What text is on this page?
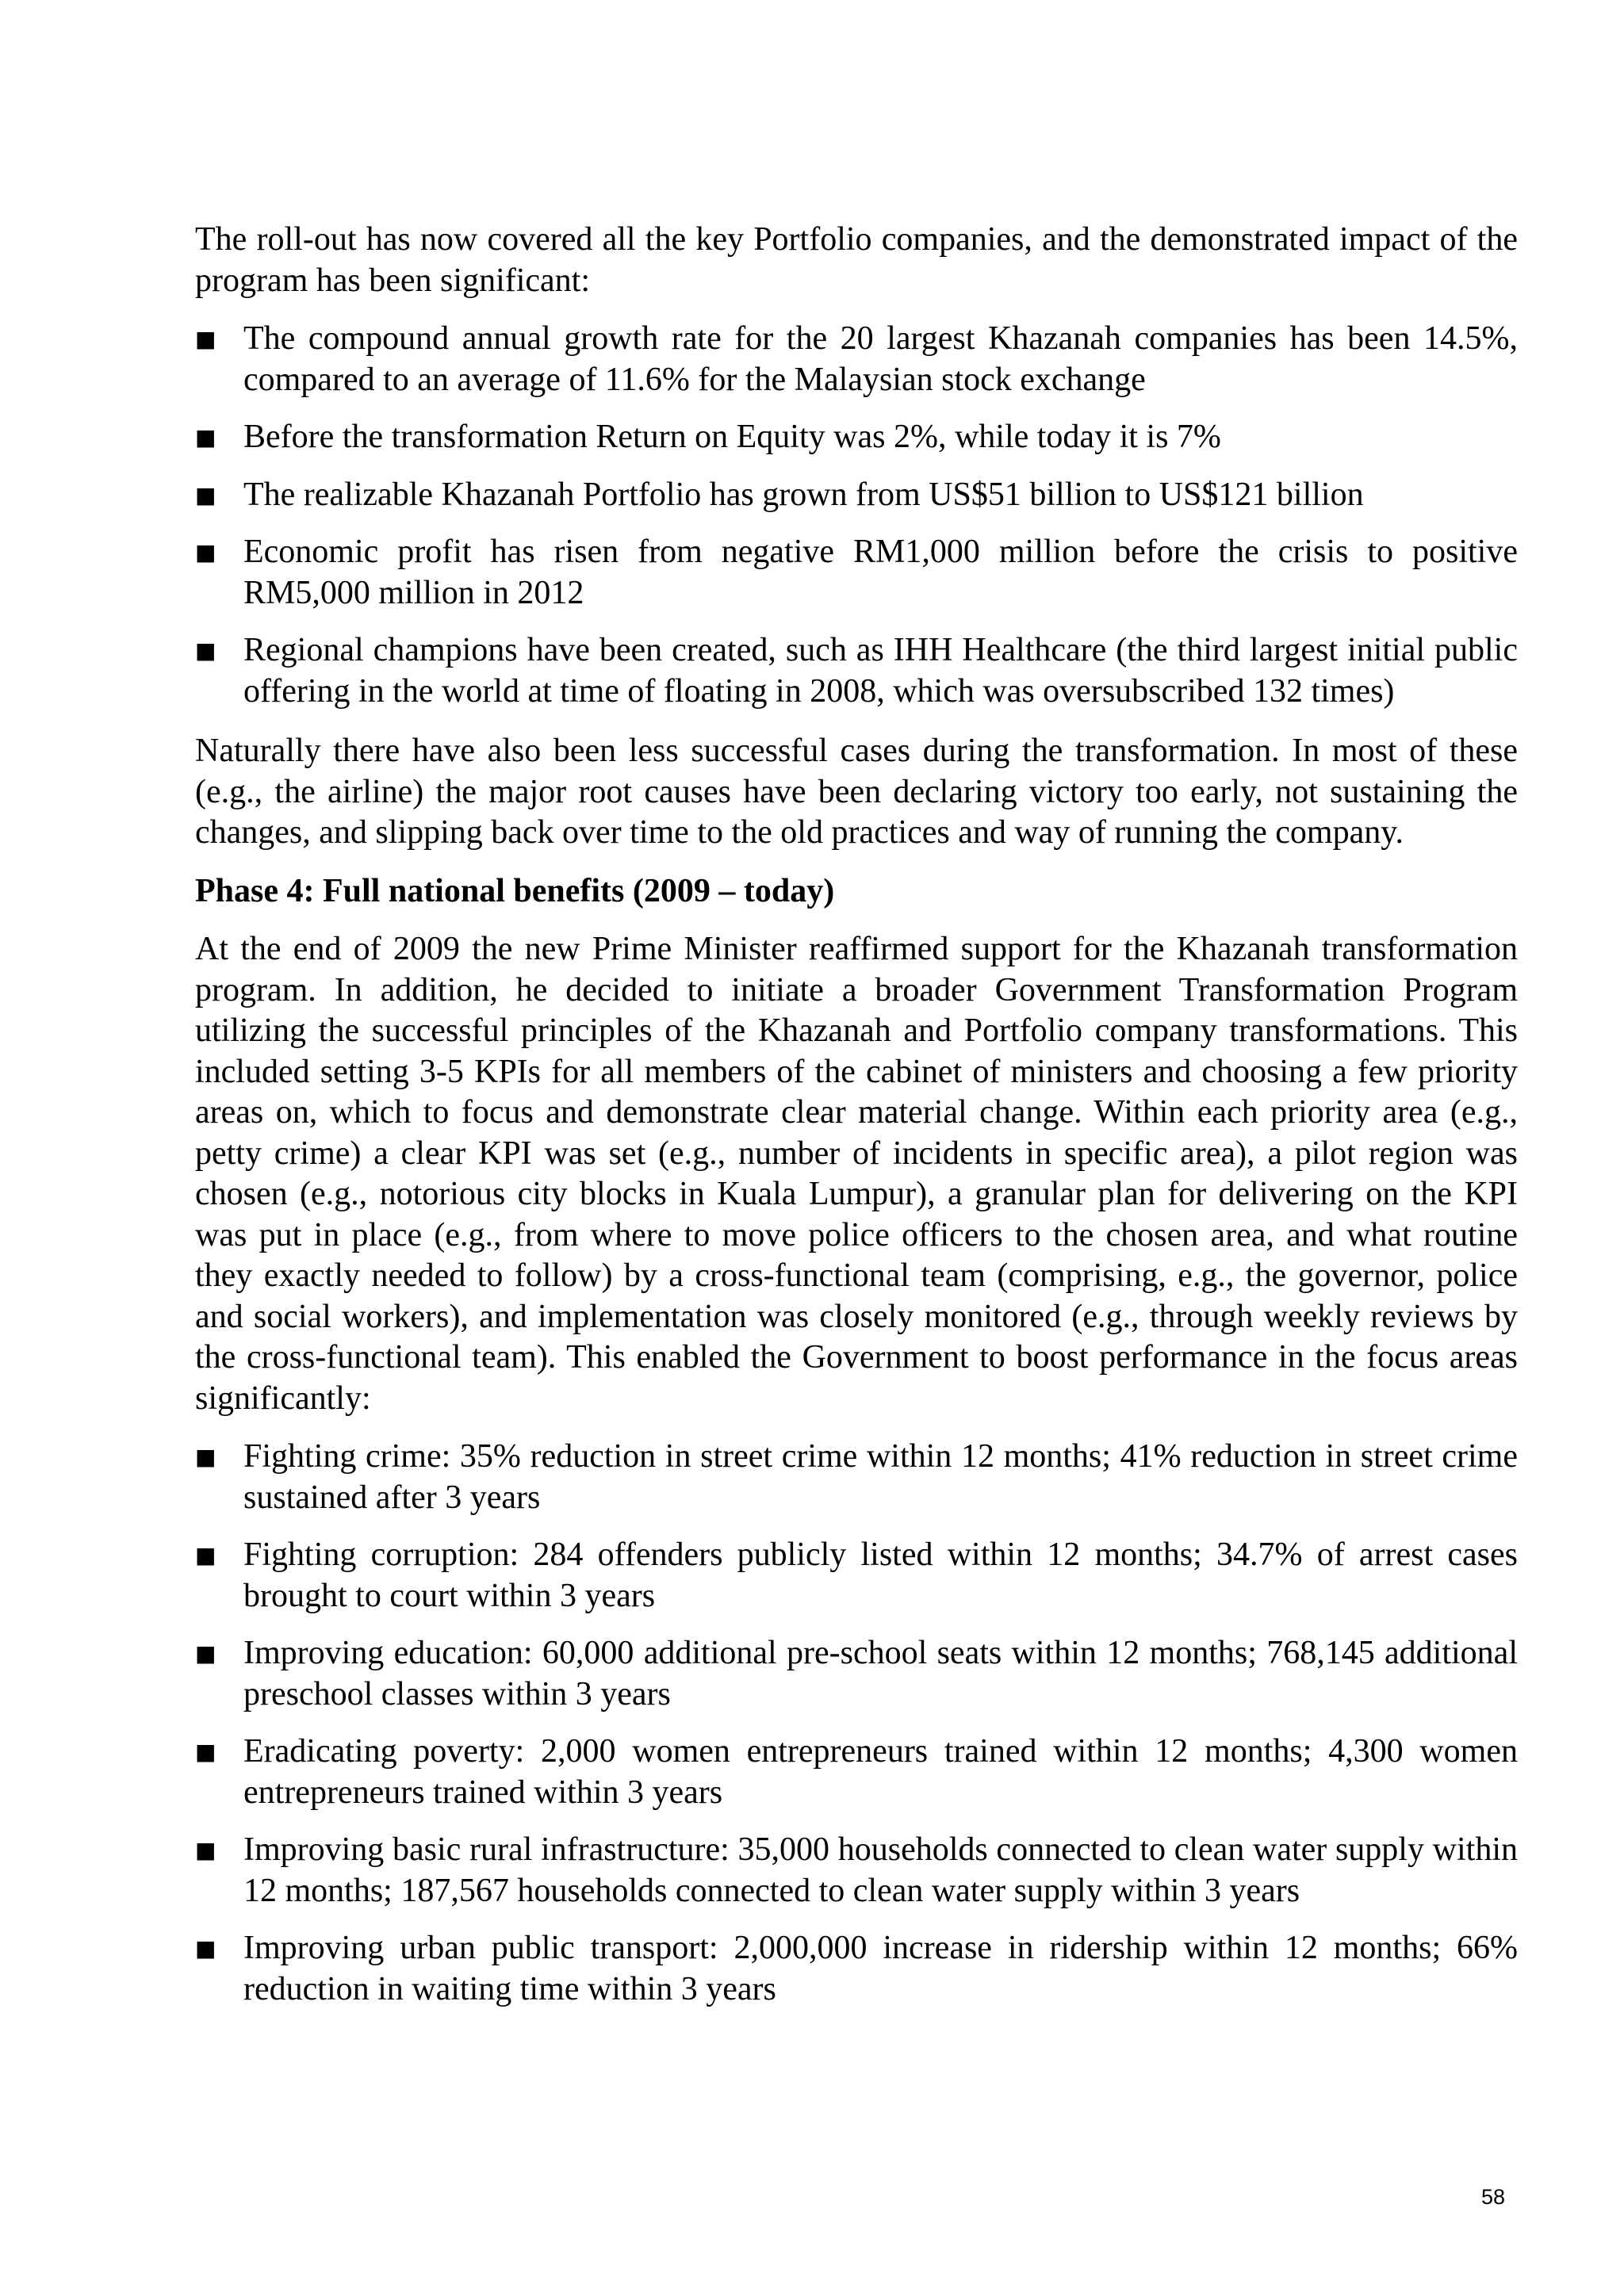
The roll-out has now covered all the key Portfolio companies, and the demonstrated impact of the program has been significant:

■ The compound annual growth rate for the 20 largest Khazanah companies has been 14.5%, compared to an average of 11.6% for the Malaysian stock exchange
■ Before the transformation Return on Equity was 2%, while today it is 7%
■ The realizable Khazanah Portfolio has grown from US$51 billion to US$121 billion
■ Economic profit has risen from negative RM1,000 million before the crisis to positive RM5,000 million in 2012
■ Regional champions have been created, such as IHH Healthcare (the third largest initial public offering in the world at time of floating in 2008, which was oversubscribed 132 times)

Naturally there have also been less successful cases during the transformation. In most of these (e.g., the airline) the major root causes have been declaring victory too early, not sustaining the changes, and slipping back over time to the old practices and way of running the company.

Phase 4: Full national benefits (2009 – today)

At the end of 2009 the new Prime Minister reaffirmed support for the Khazanah transformation program. In addition, he decided to initiate a broader Government Transformation Program utilizing the successful principles of the Khazanah and Portfolio company transformations. This included setting 3-5 KPIs for all members of the cabinet of ministers and choosing a few priority areas on, which to focus and demonstrate clear material change. Within each priority area (e.g., petty crime) a clear KPI was set (e.g., number of incidents in specific area), a pilot region was chosen (e.g., notorious city blocks in Kuala Lumpur), a granular plan for delivering on the KPI was put in place (e.g., from where to move police officers to the chosen area, and what routine they exactly needed to follow) by a cross-functional team (comprising, e.g., the governor, police and social workers), and implementation was closely monitored (e.g., through weekly reviews by the cross-functional team). This enabled the Government to boost performance in the focus areas significantly:

■ Fighting crime: 35% reduction in street crime within 12 months; 41% reduction in street crime sustained after 3 years
■ Fighting corruption: 284 offenders publicly listed within 12 months; 34.7% of arrest cases brought to court within 3 years
■ Improving education: 60,000 additional pre-school seats within 12 months; 768,145 additional preschool classes within 3 years
■ Eradicating poverty: 2,000 women entrepreneurs trained within 12 months; 4,300 women entrepreneurs trained within 3 years
■ Improving basic rural infrastructure: 35,000 households connected to clean water supply within 12 months; 187,567 households connected to clean water supply within 3 years
■ Improving urban public transport: 2,000,000 increase in ridership within 12 months; 66% reduction in waiting time within 3 years
58
